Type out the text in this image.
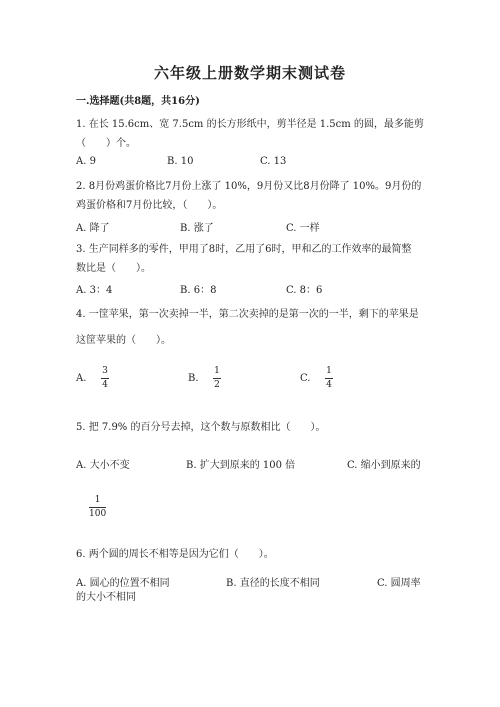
六年级上册数学期末测试卷
一.选择题(共8题，共16分)
1. 在长 15.6cm、宽 7.5cm 的长方形纸中，剪半径是 1.5cm 的圆，最多能剪
（　　）个。
A. 9	B. 10	C. 13
2. 8月份鸡蛋价格比7月份上涨了 10%，9月份又比8月份降了 10%。9月份的
鸡蛋价格和7月份比较，（　　）。
A. 降了	B. 涨了	C. 一样
3. 生产同样多的零件，甲用了8时，乙用了6时，甲和乙的工作效率的最简整
数比是（　　）。
A. 3：4	B. 6：8	C. 8：6
4. 一筐苹果，第一次卖掉一半，第二次卖掉的是第一次的一半，剩下的苹果是
这筐苹果的（　　）。
A.
3
4
B.
1
2
C.
1
4
5. 把 7.9% 的百分号去掉，这个数与原数相比（　　）。
A. 大小不变	B. 扩大到原来的 100 倍	C. 缩小到原来的
1
100
6. 两个圆的周长不相等是因为它们（　　）。
A. 圆心的位置不相同	B. 直径的长度不相同	C. 圆周率
的大小不相同
